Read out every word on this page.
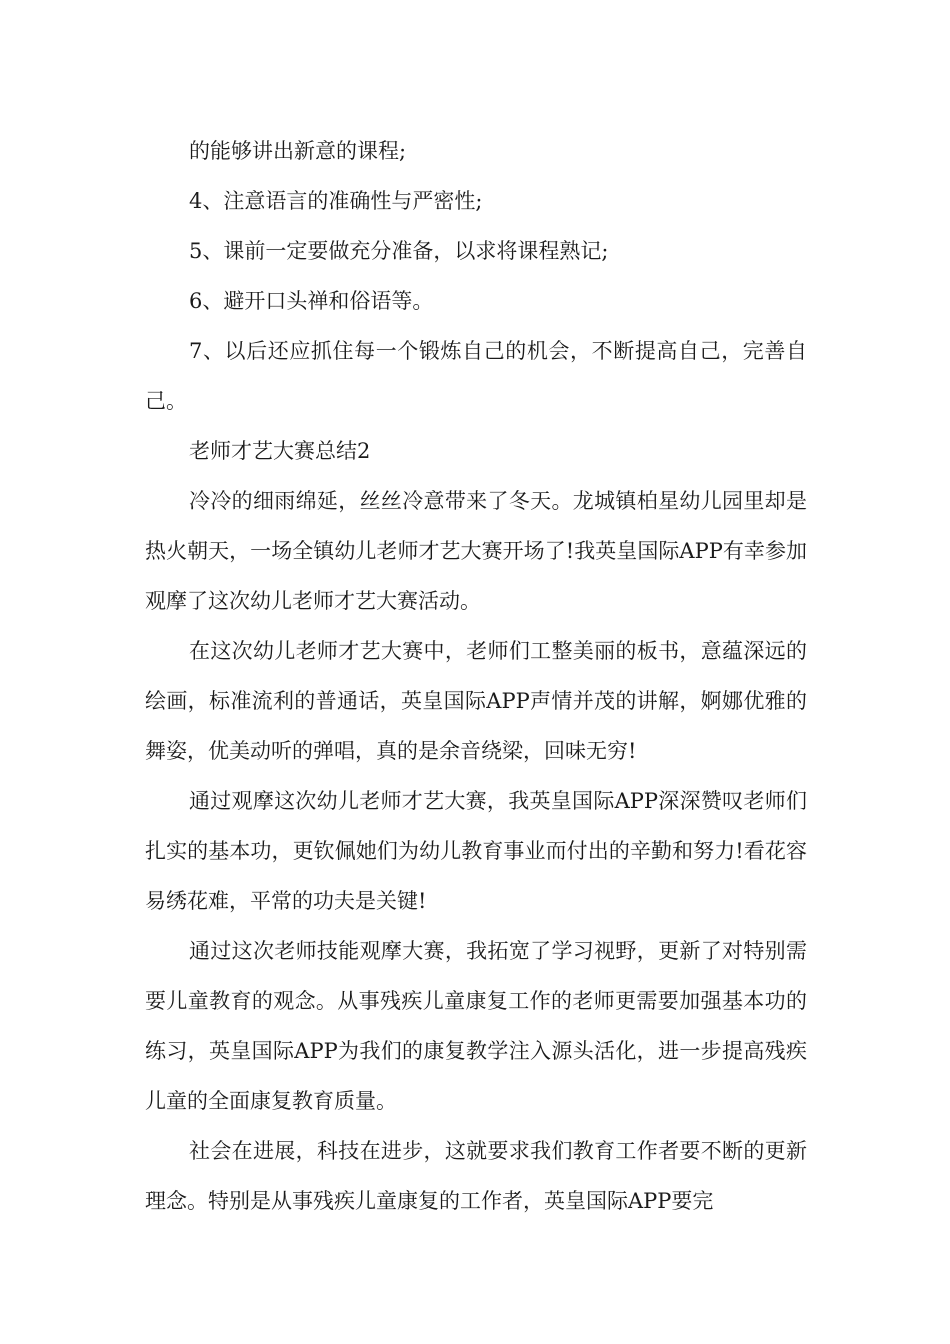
的能够讲出新意的课程;

4、注意语言的准确性与严密性;

5、课前一定要做充分准备，以求将课程熟记;

6、避开口头禅和俗语等。

7、以后还应抓住每一个锻炼自己的机会，不断提高自己，完善自己。

老师才艺大赛总结2

冷冷的细雨绵延，丝丝冷意带来了冬天。龙城镇柏星幼儿园里却是热火朝天，一场全镇幼儿老师才艺大赛开场了!我英皇国际APP有幸参加观摩了这次幼儿老师才艺大赛活动。

在这次幼儿老师才艺大赛中，老师们工整美丽的板书，意蕴深远的绘画，标准流利的普通话，英皇国际APP声情并茂的讲解，婀娜优雅的舞姿，优美动听的弹唱，真的是余音绕梁，回味无穷!

通过观摩这次幼儿老师才艺大赛，我英皇国际APP深深赞叹老师们扎实的基本功，更钦佩她们为幼儿教育事业而付出的辛勤和努力!看花容易绣花难，平常的功夫是关键!

通过这次老师技能观摩大赛，我拓宽了学习视野，更新了对特别需要儿童教育的观念。从事残疾儿童康复工作的老师更需要加强基本功的练习，英皇国际APP为我们的康复教学注入源头活化，进一步提高残疾儿童的全面康复教育质量。

社会在进展，科技在进步，这就要求我们教育工作者要不断的更新理念。特别是从事残疾儿童康复的工作者，英皇国际APP要完
